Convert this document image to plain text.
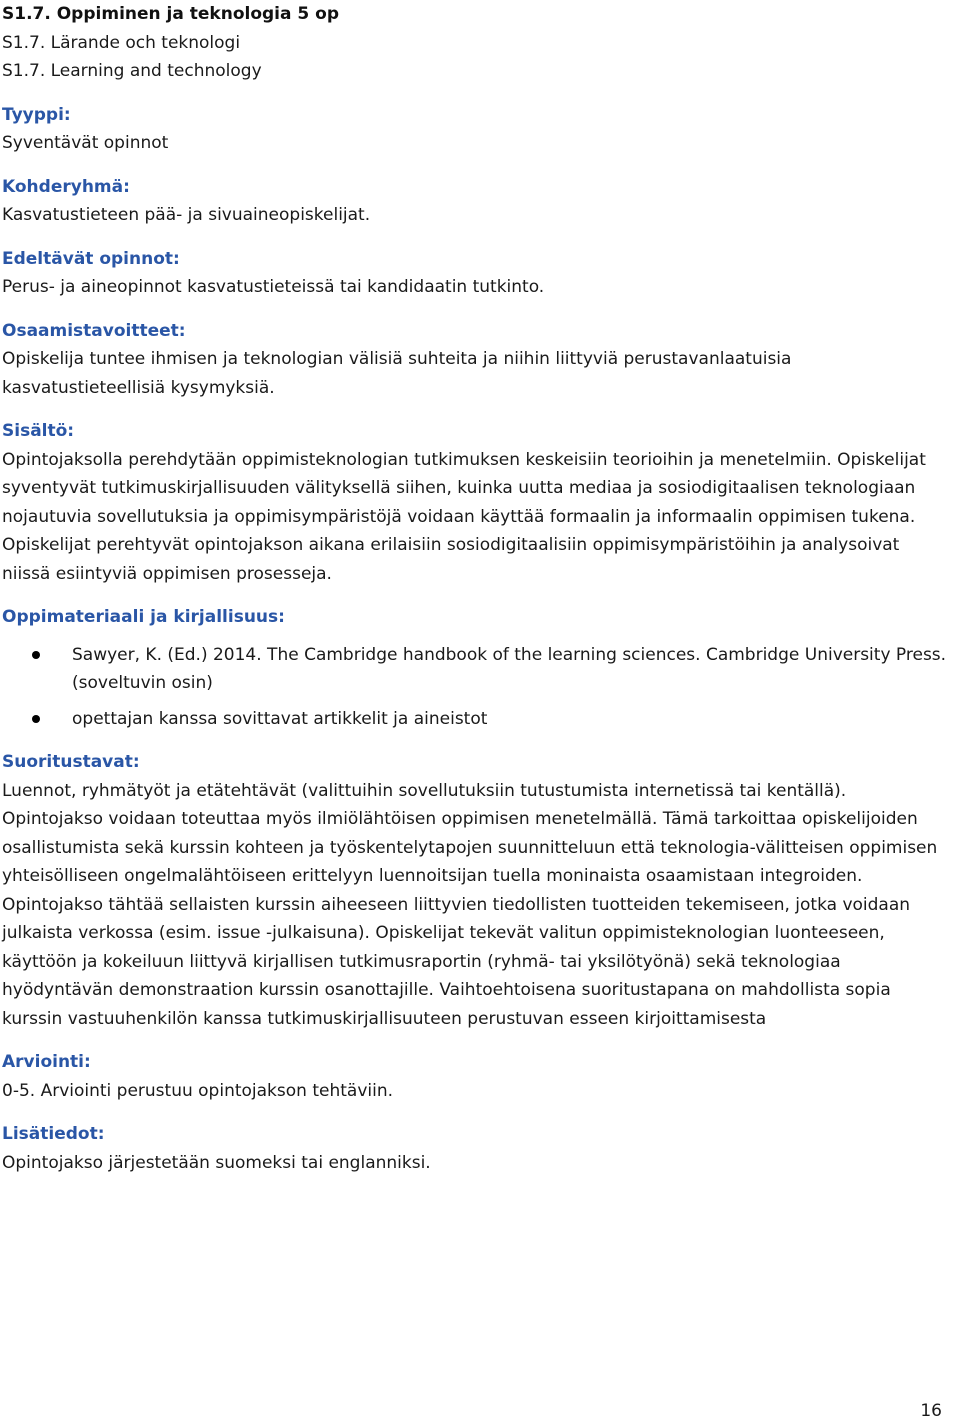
S1.7. Oppiminen ja teknologia 5 op

S1.7. Lärande och teknologi

S1.7. Learning and technology

Tyyppi:

Syventävät opinnot

Kohderyhmä:

Kasvatustieteen pää- ja sivuaineopiskelijat.

Edeltävät opinnot:

Perus- ja aineopinnot kasvatustieteissä tai kandidaatin tutkinto.

Osaamistavoitteet:

Opiskelija tuntee ihmisen ja teknologian välisiä suhteita ja niihin liittyviä perustavanlaatuisia kasvatustieteellisiä kysymyksiä.

Sisältö:

Opintojaksolla perehdytään oppimisteknologian tutkimuksen keskeisiin teorioihin ja menetelmiin. Opiskelijat syventyvät tutkimuskirjallisuuden välityksellä siihen, kuinka uutta mediaa ja sosiodigitaalisen teknologiaan nojautuvia sovellutuksia ja oppimisympäristöjä voidaan käyttää formaalin ja informaalin oppimisen tukena. Opiskelijat perehtyvät opintojakson aikana erilaisiin sosiodigitaalisiin oppimisympäristöihin ja analysoivat niissä esiintyviä oppimisen prosesseja.

Oppimateriaali ja kirjallisuus:

Sawyer, K. (Ed.) 2014. The Cambridge handbook of the learning sciences. Cambridge University Press. (soveltuvin osin)
opettajan kanssa sovittavat artikkelit ja aineistot

Suoritustavat:

Luennot, ryhmätyöt ja etätehtävät (valittuihin sovellutuksiin tutustumista internetissä tai kentällä). Opintojakso voidaan toteuttaa myös ilmiölähtöisen oppimisen menetelmällä. Tämä tarkoittaa opiskelijoiden osallistumista sekä kurssin kohteen ja työskentelytapojen suunnitteluun että teknologia-välitteisen oppimisen yhteisölliseen ongelmalähtöiseen erittelyyn luennoitsijan tuella moninaista osaamistaan integroiden. Opintojakso tähtää sellaisten kurssin aiheeseen liittyvien tiedollisten tuotteiden tekemiseen, jotka voidaan julkaista verkossa (esim. issue -julkaisuna). Opiskelijat tekevät valitun oppimisteknologian luonteeseen, käyttöön ja kokeiluun liittyvä kirjallisen tutkimusraportin (ryhmä- tai yksilötyönä) sekä teknologiaa hyödyntävän demonstraation kurssin osanottajille. Vaihtoehtoisena suoritustapana on mahdollista sopia kurssin vastuuhenkilön kanssa tutkimuskirjallisuuteen perustuvan esseen kirjoittamisesta

Arviointi:

0-5. Arviointi perustuu opintojakson tehtäviin.

Lisätiedot:

Opintojakso järjestetään suomeksi tai englanniksi.

16
